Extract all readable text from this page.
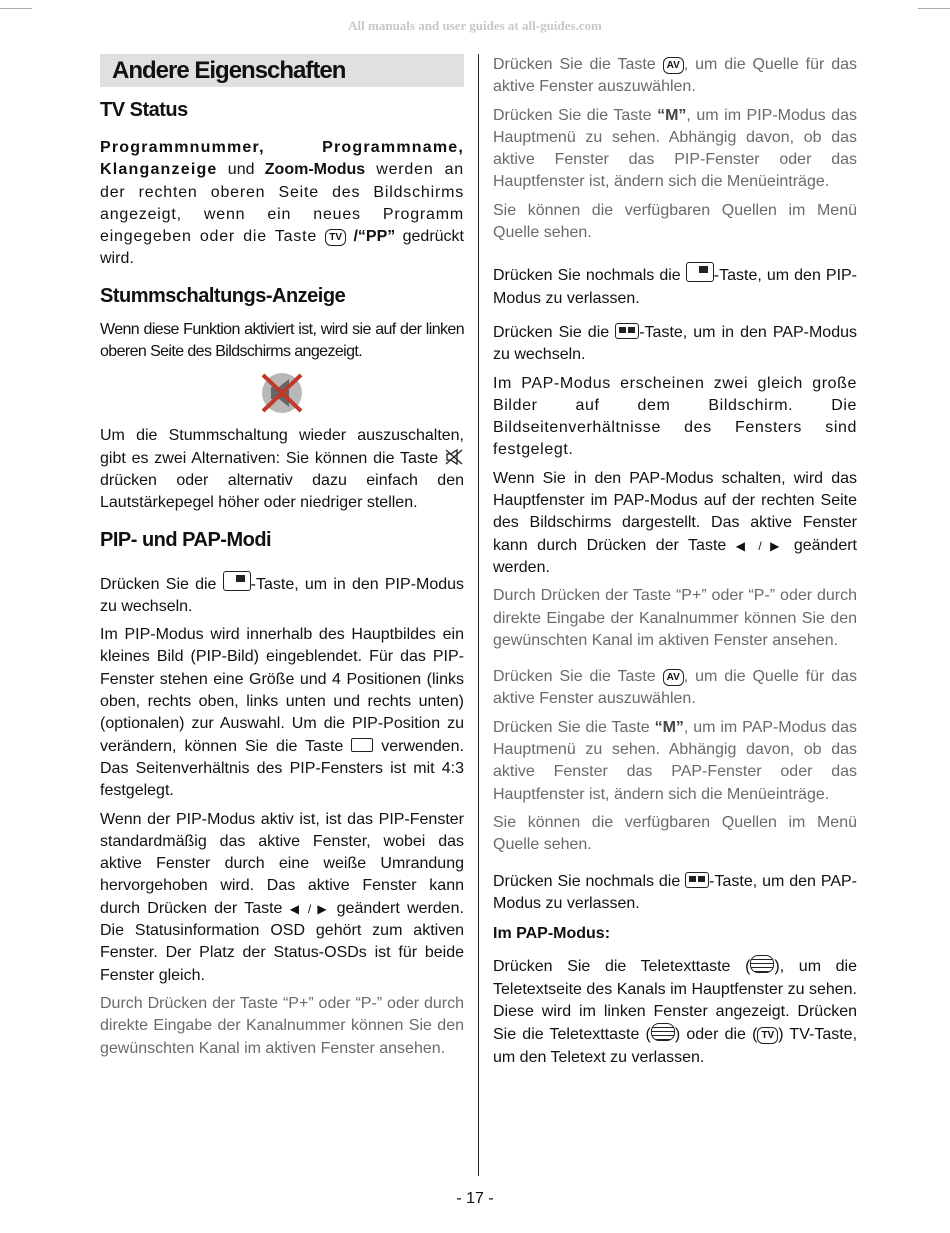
All manuals and user guides at all-guides.com
Andere Eigenschaften
TV Status

Programmnummer, Programmname, Klanganzeige und Zoom-Modus werden an der rechten oberen Seite des Bildschirms angezeigt, wenn ein neues Programm eingegeben oder die Taste TV /“PP” gedrückt wird.

Stummschaltungs-Anzeige

Wenn diese Funktion aktiviert ist, wird sie auf der linken oberen Seite des Bildschirms angezeigt.

Um die Stummschaltung wieder auszuschalten, gibt es zwei Alternativen: Sie können die Taste  drücken oder alternativ dazu einfach den Lautstärkepegel höher oder niedriger stellen.

PIP- und PAP-Modi

Drücken Sie die -Taste, um in den PIP-Modus zu wechseln.

Im PIP-Modus wird innerhalb des Hauptbildes ein kleines Bild (PIP-Bild) eingeblendet. Für das PIP-Fenster stehen eine Größe und 4 Positionen (links oben, rechts oben, links unten und rechts unten) (optionalen) zur Auswahl. Um die PIP-Position zu verändern, können Sie die Taste  verwenden. Das Seitenverhältnis des PIP-Fensters ist mit 4:3 festgelegt.

Wenn der PIP-Modus aktiv ist, ist das PIP-Fenster standardmäßig das aktive Fenster, wobei das aktive Fenster durch eine weiße Umrandung hervorgehoben wird. Das aktive Fenster kann durch Drücken der Taste ◀ / ▶ geändert werden. Die Statusinformation OSD gehört zum aktiven Fenster. Der Platz der Status-OSDs ist für beide Fenster gleich.

Durch Drücken der Taste “P+” oder “P-” oder durch direkte Eingabe der Kanalnummer können Sie den gewünschten Kanal im aktiven Fenster ansehen.

Drücken Sie die Taste AV , um die Quelle für das aktive Fenster auszuwählen.

Drücken Sie die Taste “M”, um im PIP-Modus das Hauptmenü zu sehen. Abhängig davon, ob das aktive Fenster das PIP-Fenster oder das Hauptfenster ist, ändern sich die Menüeinträge.

Sie können die verfügbaren Quellen im Menü Quelle sehen.

Drücken Sie nochmals die -Taste, um den PIP-Modus zu verlassen.

Drücken Sie die -Taste, um in den PAP-Modus zu wechseln.

Im PAP-Modus erscheinen zwei gleich große Bilder auf dem Bildschirm. Die Bildseitenverhältnisse des Fensters sind festgelegt.

Wenn Sie in den PAP-Modus schalten, wird das Hauptfenster im PAP-Modus auf der rechten Seite des Bildschirms dargestellt. Das aktive Fenster kann durch Drücken der Taste ◀ / ▶ geändert werden.

Durch Drücken der Taste “P+” oder “P-” oder durch direkte Eingabe der Kanalnummer können Sie den gewünschten Kanal im aktiven Fenster ansehen.

Drücken Sie die Taste AV , um die Quelle für das aktive Fenster auszuwählen.

Drücken Sie die Taste “M”, um im PAP-Modus das Hauptmenü zu sehen. Abhängig davon, ob das aktive Fenster das PAP-Fenster oder das Hauptfenster ist, ändern sich die Menüeinträge.

Sie können die verfügbaren Quellen im Menü Quelle sehen.

Drücken Sie nochmals die -Taste, um den PAP-Modus zu verlassen.

Im PAP-Modus:

Drücken Sie die Teletexttaste ( ), um die Teletextseite des Kanals im Hauptfenster zu sehen. Diese wird im linken Fenster angezeigt. Drücken Sie die Teletexttaste ( ) oder die ( TV ) TV-Taste, um den Teletext zu verlassen.

- 17 -
